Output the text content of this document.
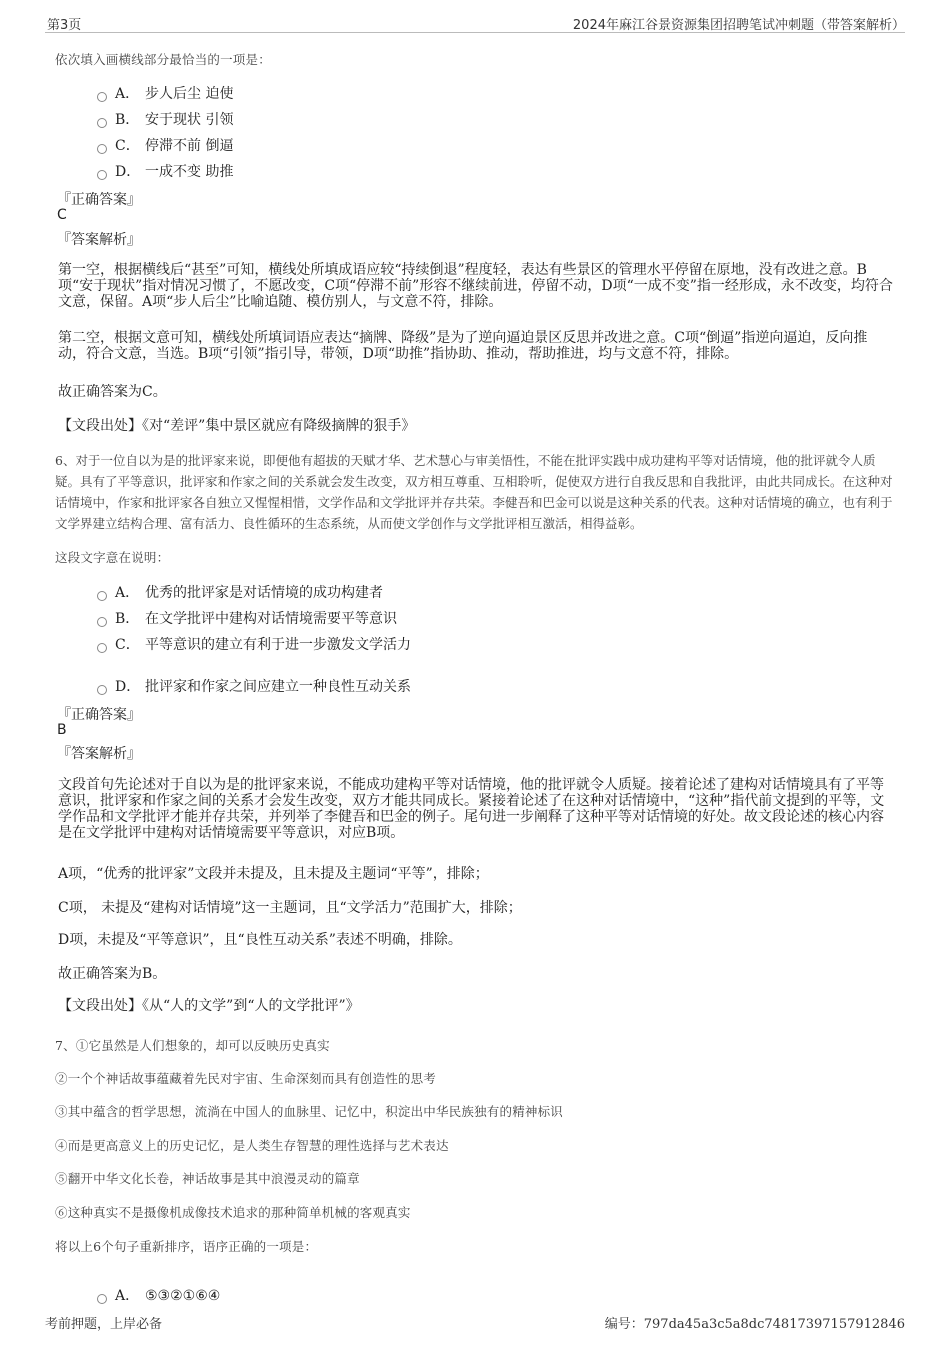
第3页	2024年麻江谷景资源集团招聘笔试冲刺题（带答案解析）
依次填入画横线部分最恰当的一项是：
A． 步人后尘 迫使
B． 安于现状 引领
C． 停滞不前 倒逼
D． 一成不变 助推
『正确答案』
C
『答案解析』
第一空，根据横线后“甚至”可知，横线处所填成语应较“持续倒退”程度轻，表达有些景区的管理水平停留在原地，没有改进之意。B项“安于现状”指对情况习惯了，不愿改变，C项“停滞不前”形容不继续前进，停留不动，D项“一成不变”指一经形成，永不改变，均符合文意，保留。A项“步人后尘”比喻追随、模仿别人，与文意不符，排除。
第二空，根据文意可知，横线处所填词语应表达“摘牌、降级”是为了逆向逼迫景区反思并改进之意。C项“倒逼”指逆向逼迫，反向推动，符合文意，当选。B项“引领”指引导，带领，D项“助推”指协助、推动，帮助推进，均与文意不符，排除。
故正确答案为C。
【文段出处】《对“差评”集中景区就应有降级摘牌的狠手》
6、对于一位自以为是的批评家来说，即便他有超拔的天赋才华、艺术慧心与审美悟性，不能在批评实践中成功建构平等对话情境，他的批评就令人质疑。具有了平等意识，批评家和作家之间的关系就会发生改变，双方相互尊重、互相聆听，促使双方进行自我反思和自我批评，由此共同成长。在这种对话情境中，作家和批评家各自独立又惺惺相惜，文学作品和文学批评并存共荣。李健吾和巴金可以说是这种关系的代表。这种对话情境的确立，也有利于文学界建立结构合理、富有活力、良性循环的生态系统，从而使文学创作与文学批评相互激活，相得益彰。
这段文字意在说明：
A． 优秀的批评家是对话情境的成功构建者
B． 在文学批评中建构对话情境需要平等意识
C． 平等意识的建立有利于进一步激发文学活力
D． 批评家和作家之间应建立一种良性互动关系
『正确答案』
B
『答案解析』
文段首句先论述对于自以为是的批评家来说，不能成功建构平等对话情境，他的批评就令人质疑。接着论述了建构对话情境具有了平等意识，批评家和作家之间的关系才会发生改变，双方才能共同成长。紧接着论述了在这种对话情境中，“这种”指代前文提到的平等，文学作品和文学批评才能并存共荣，并列举了李健吾和巴金的例子。尾句进一步阐释了这种平等对话情境的好处。故文段论述的核心内容是在文学批评中建构对话情境需要平等意识，对应B项。
A项，“优秀的批评家”文段并未提及，且未提及主题词“平等”，排除；
C项， 未提及“建构对话情境”这一主题词，且“文学活力”范围扩大，排除；
D项，未提及“平等意识”，且“良性互动关系”表述不明确，排除。
故正确答案为B。
【文段出处】《从“人的文学”到“人的文学批评”》
7、①它虽然是人们想象的，却可以反映历史真实
②一个个神话故事蕴藏着先民对宇宙、生命深刻而具有创造性的思考
③其中蕴含的哲学思想，流淌在中国人的血脉里、记忆中，积淀出中华民族独有的精神标识
④而是更高意义上的历史记忆，是人类生存智慧的理性选择与艺术表达
⑤翻开中华文化长卷，神话故事是其中浪漫灵动的篇章
⑥这种真实不是摄像机成像技术追求的那种简单机械的客观真实
将以上6个句子重新排序，语序正确的一项是：
A． ⑤③②①⑥④
考前押题，上岸必备	编号：797da45a3c5a8dc74817397157912846
